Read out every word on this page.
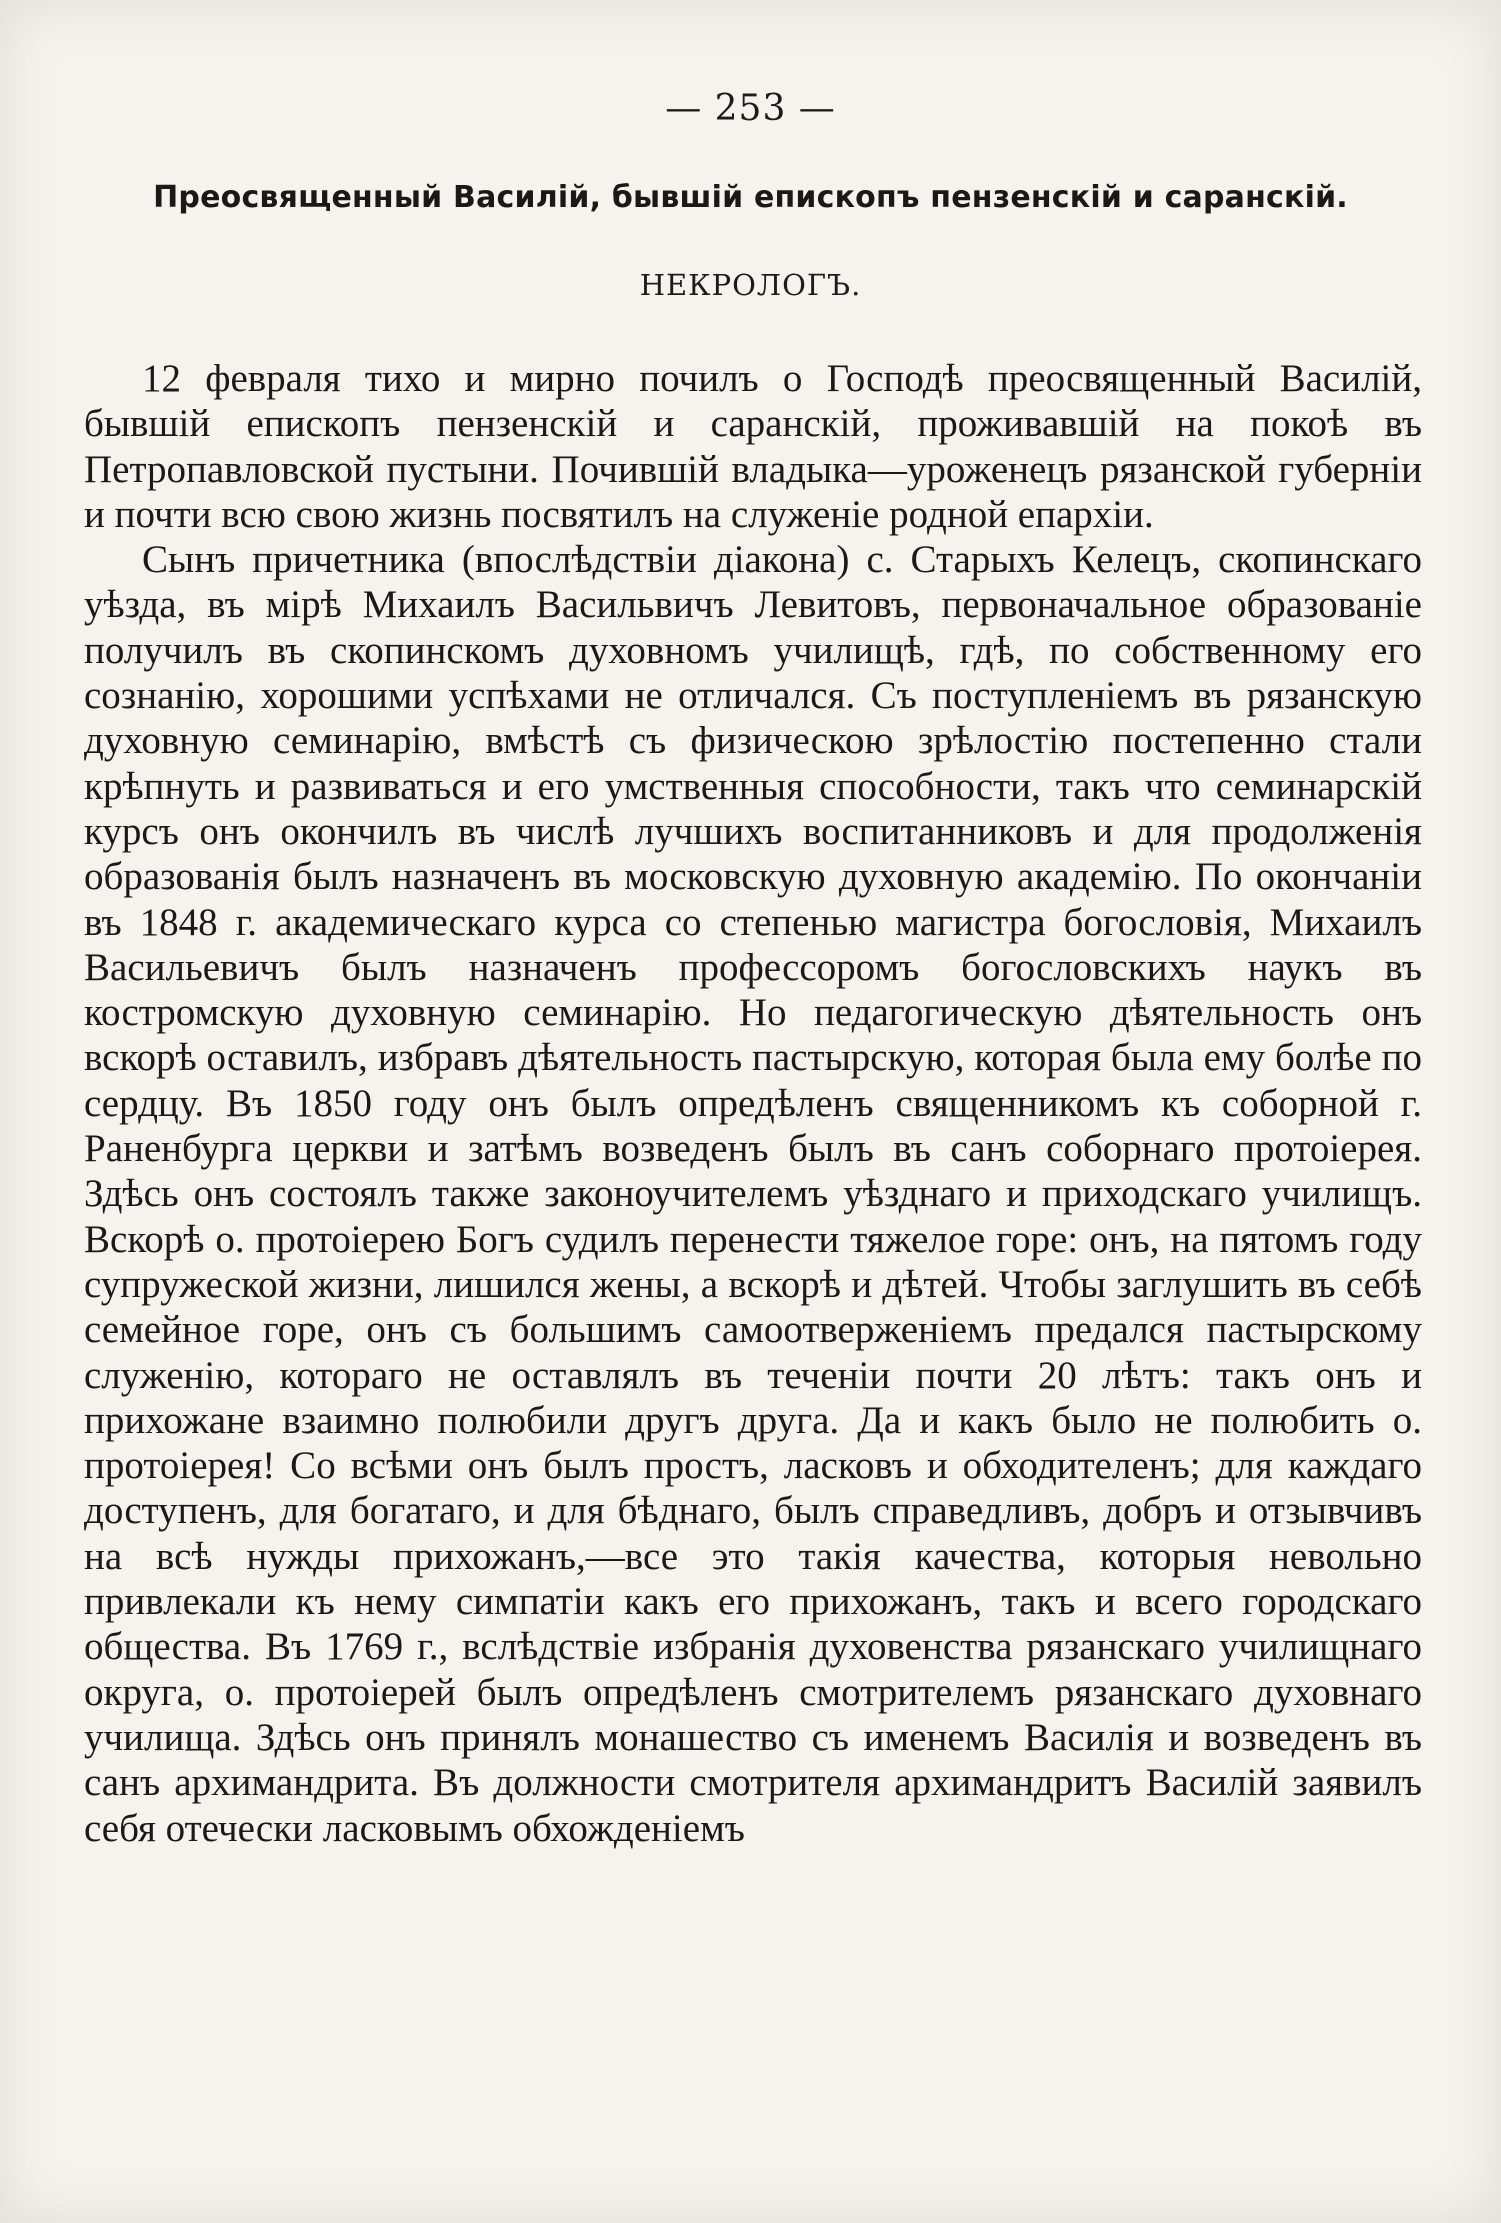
— 253 —
Преосвященный Василій, бывшій епископъ пензенскій и саранскій.
НЕКРОЛОГЪ.

12 февраля тихо и мирно почилъ о Господѣ преосвященный Василій, бывшій епископъ пензенскій и саранскій, проживавшій на покоѣ въ Петропавловской пустыни. Почившій владыка—уроженецъ рязанской губерніи и почти всю свою жизнь посвятилъ на служеніе родной епархіи.

Сынъ причетника (впослѣдствіи діакона) с. Старыхъ Келецъ, скопинскаго уѣзда, въ мірѣ Михаилъ Васильвичъ Левитовъ, первоначальное образованіе получилъ въ скопинскомъ духовномъ училищѣ, гдѣ, по собственному его сознанію, хорошими успѣхами не отличался. Съ поступленіемъ въ рязанскую духовную семинарію, вмѣстѣ съ физическою зрѣлостію постепенно стали крѣпнуть и развиваться и его умственныя способности, такъ что семинарскій курсъ онъ окончилъ въ числѣ лучшихъ воспитанниковъ и для продолженія образованія былъ назначенъ въ московскую духовную академію. По окончаніи въ 1848 г. академическаго курса со степенью магистра богословія, Михаилъ Васильевичъ былъ назначенъ профессоромъ богословскихъ наукъ въ костромскую духовную семинарію. Но педагогическую дѣятельность онъ вскорѣ оставилъ, избравъ дѣятельность пастырскую, которая была ему болѣе по сердцу. Въ 1850 году онъ былъ опредѣленъ священникомъ къ соборной г. Раненбурга церкви и затѣмъ возведенъ былъ въ санъ соборнаго протоіерея. Здѣсь онъ состоялъ также законоучителемъ уѣзднаго и приходскаго училищъ. Вскорѣ о. протоіерею Богъ судилъ перенести тяжелое горе: онъ, на пятомъ году супружеской жизни, лишился жены, а вскорѣ и дѣтей. Чтобы заглушить въ себѣ семейное горе, онъ съ большимъ самоотверженіемъ предался пастырскому служенію, котораго не оставлялъ въ теченіи почти 20 лѣтъ: такъ онъ и прихожане взаимно полюбили другъ друга. Да и какъ было не полюбить о. протоіерея! Со всѣми онъ былъ простъ, ласковъ и обходителенъ; для каждаго доступенъ, для богатаго, и для бѣднаго, былъ справедливъ, добръ и отзывчивъ на всѣ нужды прихожанъ,—все это такія качества, которыя невольно привлекали къ нему симпатіи какъ его прихожанъ, такъ и всего городскаго общества. Въ 1769 г., вслѣдствіе избранія духовенства рязанскаго училищнаго округа, о. протоіерей былъ опредѣленъ смотрителемъ рязанскаго духовнаго училища. Здѣсь онъ принялъ монашество съ именемъ Василія и возведенъ въ санъ архимандрита. Въ должности смотрителя архимандритъ Василій заявилъ себя отечески ласковымъ обхожденіемъ
